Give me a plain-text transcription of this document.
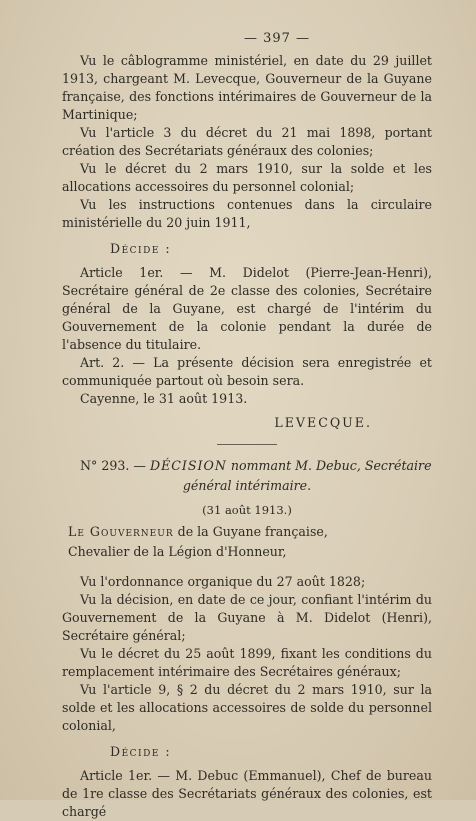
— 397 —

Vu le câblogramme ministériel, en date du 29 juillet 1913, chargeant M. Levecque, Gouverneur de la Guyane française, des fonctions intérimaires de Gouverneur de la Martinique;

Vu l'article 3 du décret du 21 mai 1898, portant création des Secrétariats généraux des colonies;

Vu le décret du 2 mars 1910, sur la solde et les allocations accessoires du personnel colonial;

Vu les instructions contenues dans la circulaire ministérielle du 20 juin 1911,

Décide :

Article 1er. — M. Didelot (Pierre-Jean-Henri), Secrétaire général de 2e classe des colonies, Secrétaire général de la Guyane, est chargé de l'intérim du Gouvernement de la colonie pendant la durée de l'absence du titulaire.

Art. 2. — La présente décision sera enregistrée et communiquée partout où besoin sera.

Cayenne, le 31 août 1913.

LEVECQUE.

N° 293. — DÉCISION nommant M. Debuc, Secrétaire

général intérimaire.
(31 août 1913.)
Le Gouverneur de la Guyane française,
Chevalier de la Légion d'Honneur,

Vu l'ordonnance organique du 27 août 1828;

Vu la décision, en date de ce jour, confiant l'intérim du Gouvernement de la Guyane à M. Didelot (Henri), Secrétaire général;

Vu le décret du 25 août 1899, fixant les conditions du remplacement intérimaire des Secrétaires généraux;

Vu l'article 9, § 2 du décret du 2 mars 1910, sur la solde et les allocations accessoires de solde du personnel colonial,

Décide :

Article 1er. — M. Debuc (Emmanuel), Chef de bureau de 1re classe des Secrétariats généraux des colonies, est chargé
